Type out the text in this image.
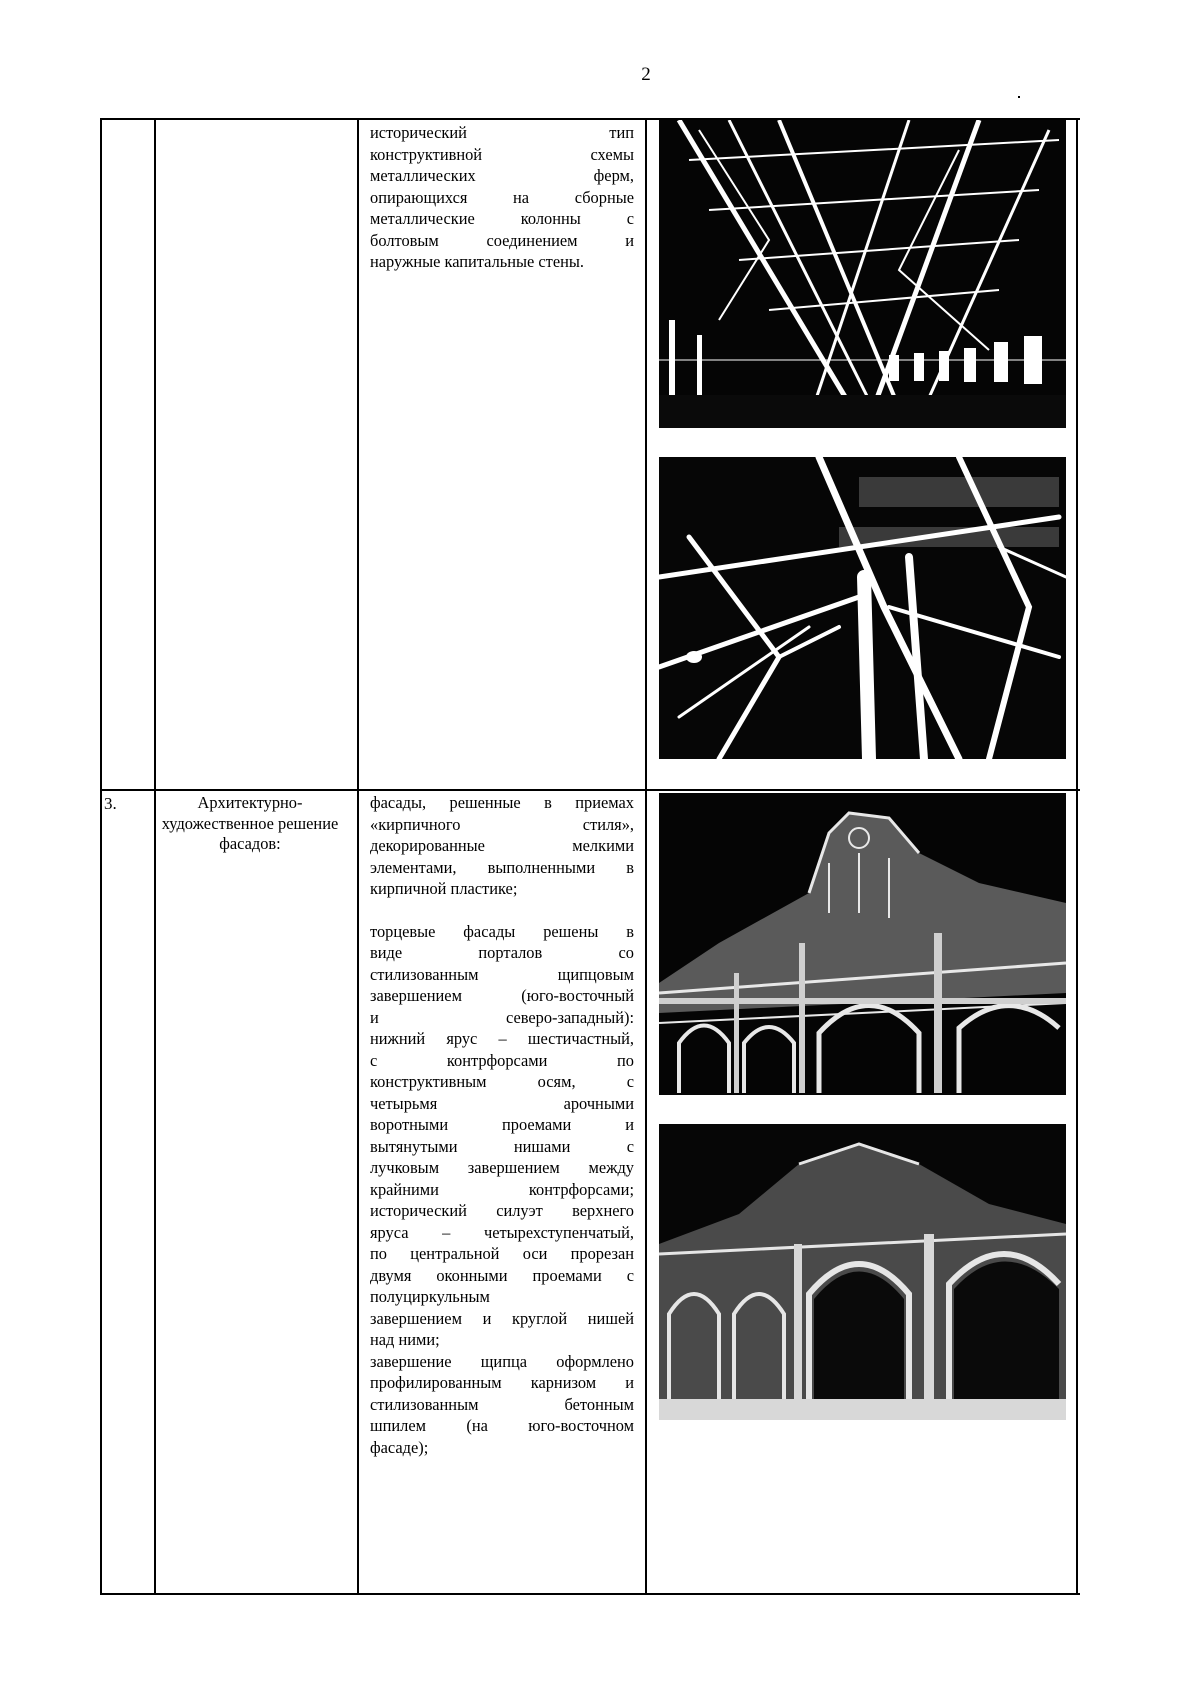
2
исторический тип
конструктивной схемы
металлических ферм,
опирающихся на сборные
металлические колонны с
болтовым соединением и
наружные капитальные стены.
3.	Архитектурно-художественное решение фасадов:
фасады, решенные в приемах
«кирпичного стиля»,
декорированные мелкими
элементами, выполненными в
кирпичной пластике;
торцевые фасады решены в
виде порталов со
стилизованным щипцовым
завершением (юго-восточный
и северо-западный):
нижний ярус – шестичастный,
с контрфорсами по
конструктивным осям, с
четырьмя арочными
воротными проемами и
вытянутыми нишами с
лучковым завершением между
крайними контрфорсами;
исторический силуэт верхнего
яруса – четырехступенчатый,
по центральной оси прорезан
двумя оконными проемами с
полуциркульным
завершением и круглой нишей
над ними;
завершение щипца оформлено
профилированным карнизом и
стилизованным бетонным
шпилем (на юго-восточном
фасаде);
